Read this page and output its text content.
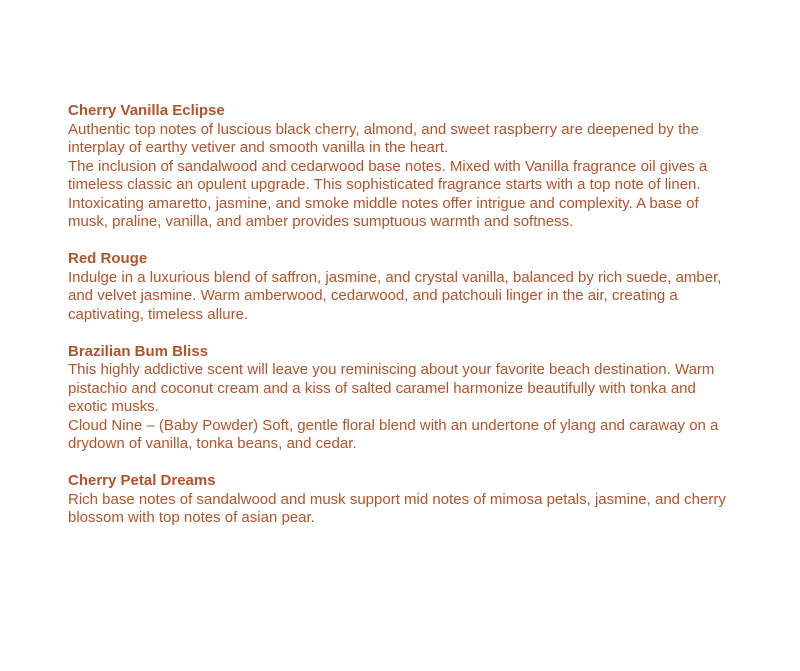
Cherry Vanilla Eclipse

Authentic top notes of luscious black cherry, almond, and sweet raspberry are deepened by the interplay of earthy vetiver and smooth vanilla in the heart.

The inclusion of sandalwood and cedarwood base notes. Mixed with Vanilla fragrance oil gives a timeless classic an opulent upgrade. This sophisticated fragrance starts with a top note of linen. Intoxicating amaretto, jasmine, and smoke middle notes offer intrigue and complexity. A base of musk, praline, vanilla, and amber provides sumptuous warmth and softness.

Red Rouge

Indulge in a luxurious blend of saffron, jasmine, and crystal vanilla, balanced by rich suede, amber, and velvet jasmine. Warm amberwood, cedarwood, and patchouli linger in the air, creating a captivating, timeless allure.

Brazilian Bum Bliss

This highly addictive scent will leave you reminiscing about your favorite beach destination. Warm pistachio and coconut cream and a kiss of salted caramel harmonize beautifully with tonka and exotic musks.

Cloud Nine – (Baby Powder) Soft, gentle floral blend with an undertone of ylang and caraway on a drydown of vanilla, tonka beans, and cedar.

Cherry Petal Dreams

Rich base notes of sandalwood and musk support mid notes of mimosa petals, jasmine, and cherry blossom with top notes of asian pear.
